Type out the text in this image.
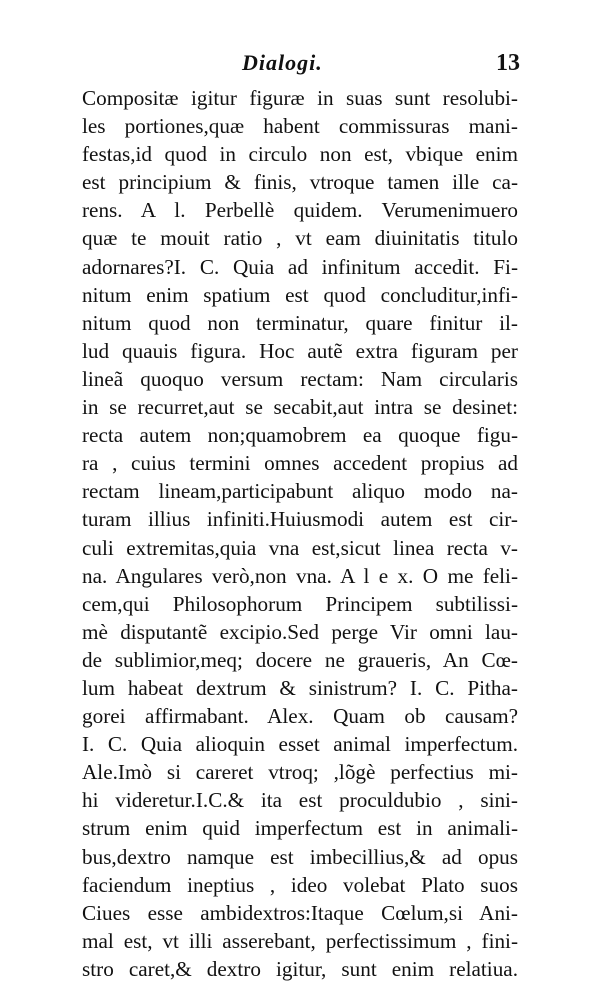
Dialogi.	13
Compositæ igitur figuræ in suas sunt resolubi-
les portiones,quæ habent commissuras mani-
festas,id quod in circulo non est, vbique enim
est principium & finis, vtroque tamen ille ca-
rens. A l. Perbellè quidem. Verumenimuero
quæ te mouit ratio , vt eam diuinitatis titulo
adornares?I. C. Quia ad infinitum accedit. Fi-
nitum enim spatium est quod concluditur,infi-
nitum quod non terminatur, quare finitur il-
lud quauis figura. Hoc autẽ extra figuram per
lineã quoquo versum rectam: Nam circularis
in se recurret,aut se secabit,aut intra se desinet:
recta autem non;quamobrem ea quoque figu-
ra , cuius termini omnes accedent propius ad
rectam lineam,participabunt aliquo modo na-
turam illius infiniti.Huiusmodi autem est cir-
culi extremitas,quia vna est,sicut linea recta v-
na. Angulares verò,non vna. A l e x. O me feli-
cem,qui Philosophorum Principem subtilissi-
mè disputantẽ excipio.Sed perge Vir omni lau-
de sublimior,meq; docere ne graueris, An Cœ-
lum habeat dextrum & sinistrum? I. C. Pitha-
gorei affirmabant. Alex. Quam ob causam?
I. C. Quia alioquin esset animal imperfectum.
Ale.Imò si careret vtroq; ,lõgè perfectius mi-
hi videretur.I.C.& ita est proculdubio , sini-
strum enim quid imperfectum est in animali-
bus,dextro namque est imbecillius,& ad opus
faciendum ineptius , ideo volebat Plato suos
Ciues esse ambidextros:Itaque Cœlum,si Ani-
mal est, vt illi asserebant, perfectissimum , fini-
stro caret,& dextro igitur, sunt enim relatiua.
